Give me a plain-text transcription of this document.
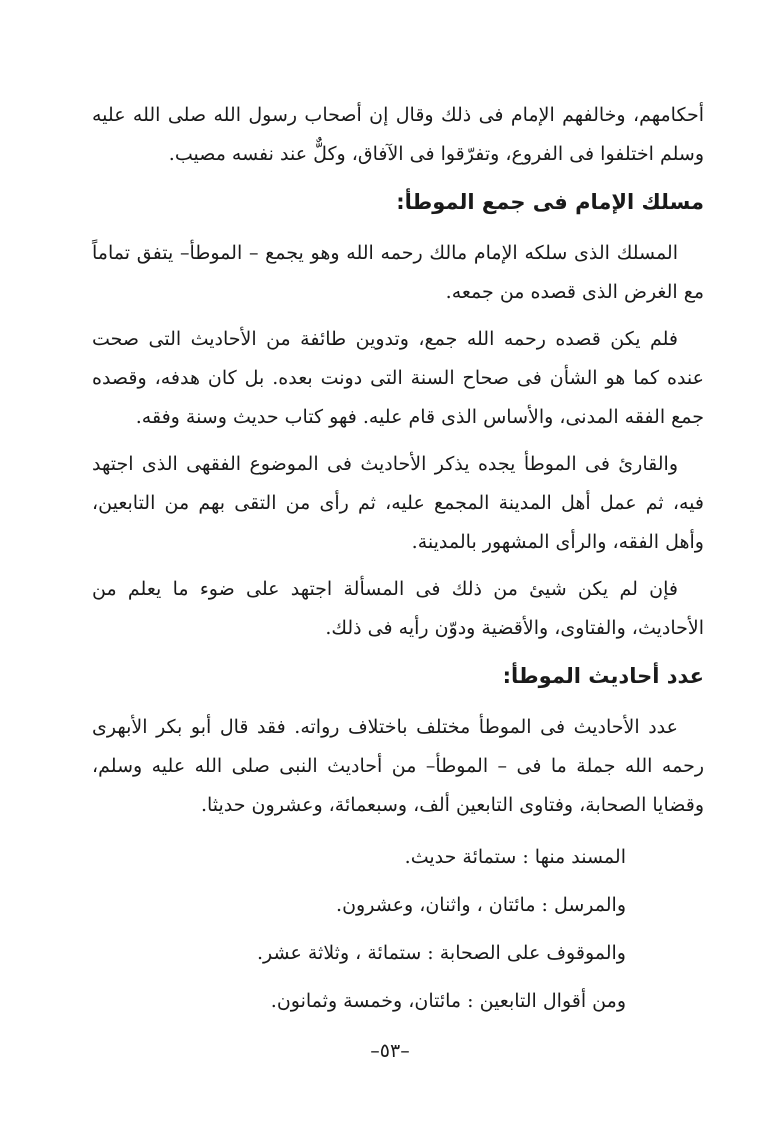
أحكامهم، وخالفهم الإمام فى ذلك وقال إن أصحاب رسول الله صلى الله عليه وسلم اختلفوا فى الفروع، وتفرّقوا فى الآفاق، وكلٌّ عند نفسه مصيب.

مسلك الإمام فى جمع الموطأ:

المسلك الذى سلكه الإمام مالك رحمه الله وهو يجمع – الموطأ– يتفق تماماً مع الغرض الذى قصده من جمعه.

فلم يكن قصده رحمه الله جمع، وتدوين طائفة من الأحاديث التى صحت عنده كما هو الشأن فى صحاح السنة التى دونت بعده. بل كان هدفه، وقصده جمع الفقه المدنى، والأساس الذى قام عليه. فهو كتاب حديث وسنة وفقه.

والقارئ فى الموطأ يجده يذكر الأحاديث فى الموضوع الفقهى الذى اجتهد فيه، ثم عمل أهل المدينة المجمع عليه، ثم رأى من التقى بهم من التابعين، وأهل الفقه، والرأى المشهور بالمدينة.

فإن لم يكن شيئ من ذلك فى المسألة اجتهد على ضوء ما يعلم من الأحاديث، والفتاوى، والأقضية ودوّن رأيه فى ذلك.

عدد أحاديث الموطأ:

عدد الأحاديث فى الموطأ مختلف باختلاف رواته. فقد قال أبو بكر الأبهرى رحمه الله جملة ما فى – الموطأ– من أحاديث النبى صلى الله عليه وسلم، وقضايا الصحابة، وفتاوى التابعين ألف، وسبعمائة، وعشرون حديثا.

المسند منها : ستمائة حديث.
والمرسل : مائتان ، واثنان، وعشرون.
والموقوف على الصحابة : ستمائة ، وثلاثة عشر.
ومن أقوال التابعين : مائتان، وخمسة وثمانون.
–٥٣–
